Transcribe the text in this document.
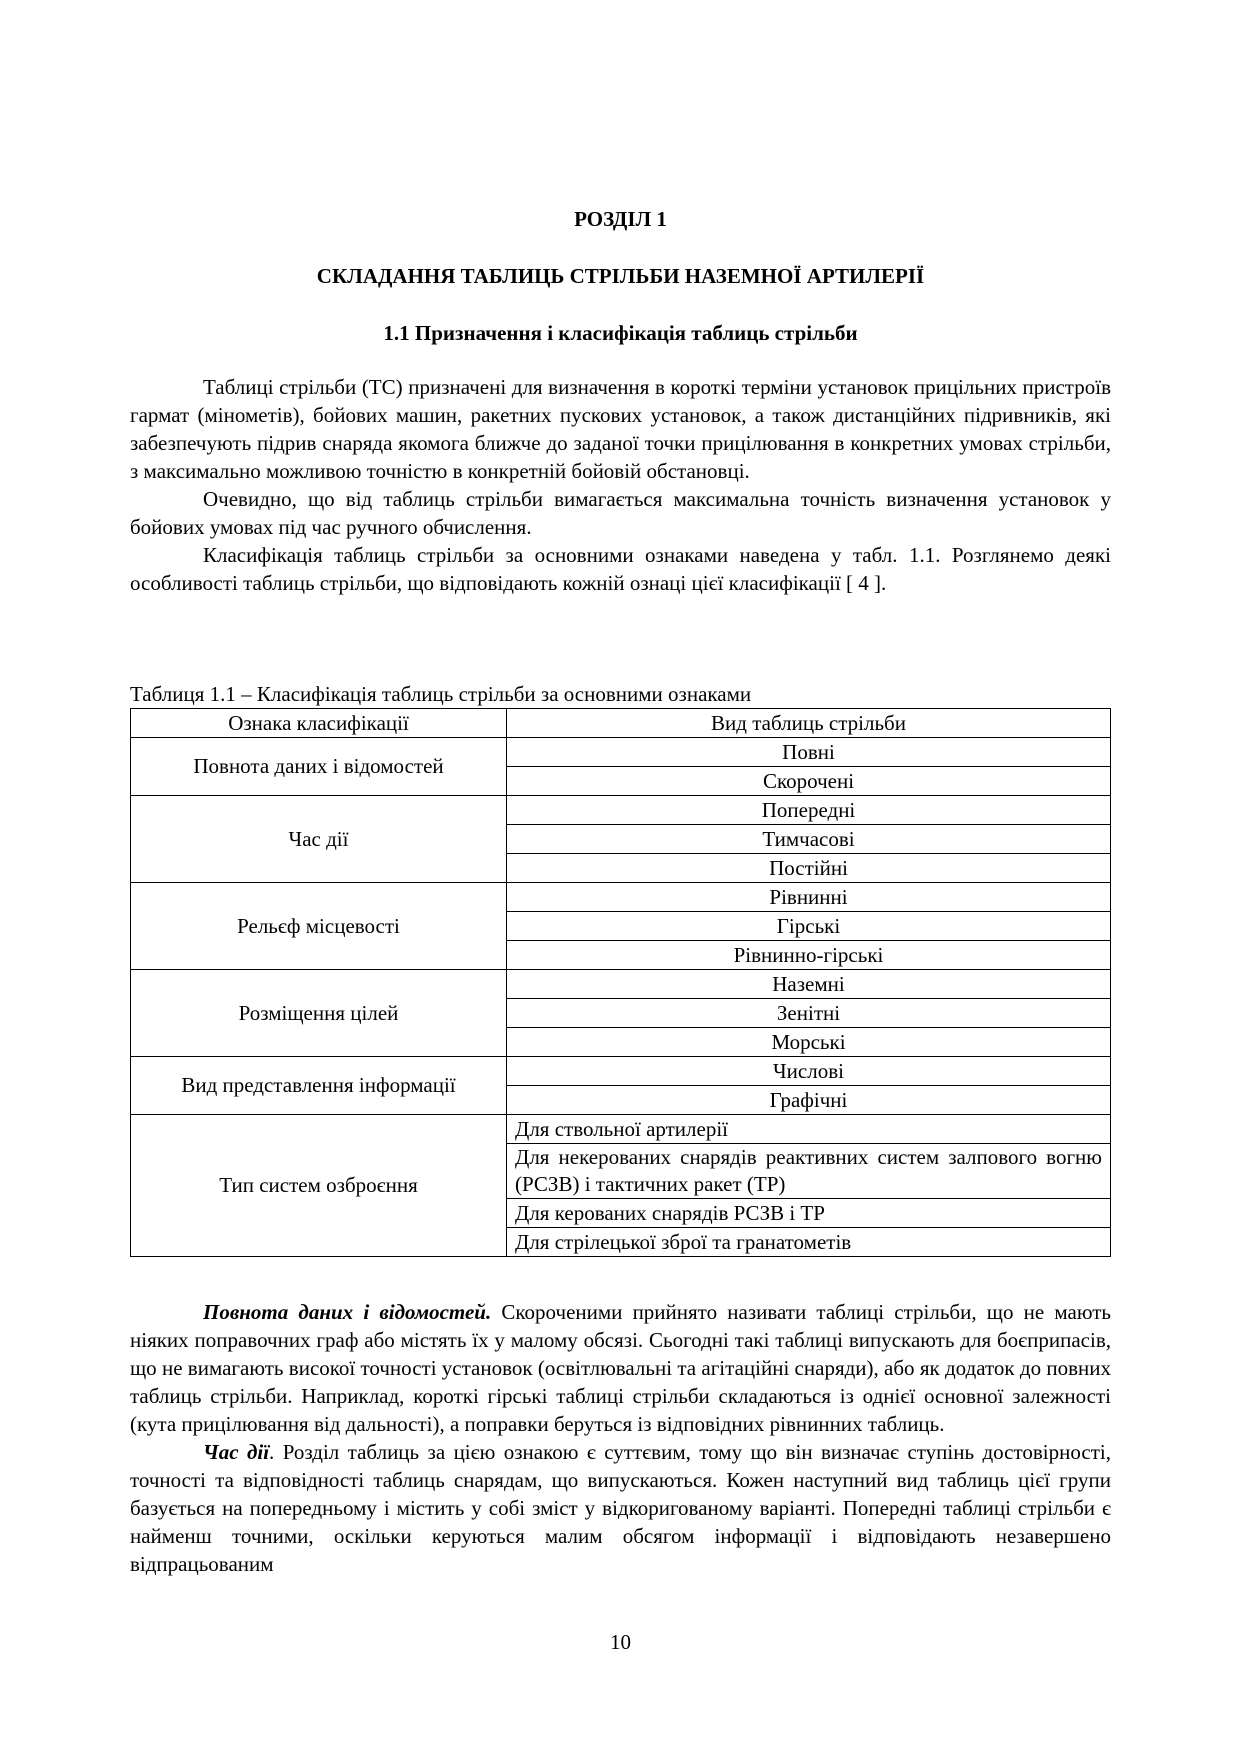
РОЗДІЛ 1
СКЛАДАННЯ ТАБЛИЦЬ СТРІЛЬБИ НАЗЕМНОЇ АРТИЛЕРІЇ
1.1 Призначення і класифікація таблиць стрільби

Таблиці стрільби (ТС) призначені для визначення в короткі терміни установок прицільних пристроїв гармат (мінометів), бойових машин, ракетних пускових установок, а також дистанційних підривників, які забезпечують підрив снаряда якомога ближче до заданої точки прицілювання в конкретних умовах стрільби, з максимально можливою точністю в конкретній бойовій обстановці.

Очевидно, що від таблиць стрільби вимагається максимальна точність визначення установок у бойових умовах під час ручного обчислення.

Класифікація таблиць стрільби за основними ознаками наведена у табл. 1.1. Розглянемо деякі особливості таблиць стрільби, що відповідають кожній ознаці цієї класифікації [ 4 ].

Таблиця 1.1 – Класифікація таблиць стрільби за основними ознаками
Ознака класифікації	Вид таблиць стрільби
Повнота даних і відомостей	Повні
	Скорочені
Час дії	Попередні
	Тимчасові
	Постійні
Рельєф місцевості	Рівнинні
	Гірські
	Рівнинно-гірські
Розміщення цілей	Наземні
	Зенітні
	Морські
Вид представлення інформації	Числові
	Графічні
Тип систем озброєння	Для ствольної артилерії
	Для некерованих снарядів реактивних систем залпового вогню (РСЗВ) і тактичних ракет (ТР)
	Для керованих снарядів РСЗВ і ТР
	Для стрілецької зброї та гранатометів

Повнота даних і відомостей. Скороченими прийнято називати таблиці стрільби, що не мають ніяких поправочних граф або містять їх у малому обсязі. Сьогодні такі таблиці випускають для боєприпасів, що не вимагають високої точності установок (освітлювальні та агітаційні снаряди), або як додаток до повних таблиць стрільби. Наприклад, короткі гірські таблиці стрільби складаються із однієї основної залежності (кута прицілювання від дальності), а поправки беруться із відповідних рівнинних таблиць.

Час дії. Розділ таблиць за цією ознакою є суттєвим, тому що він визначає ступінь достовірності, точності та відповідності таблиць снарядам, що випускаються. Кожен наступний вид таблиць цієї групи базується на попередньому і містить у собі зміст у відкоригованому варіанті. Попередні таблиці стрільби є найменш точними, оскільки керуються малим обсягом інформації і відповідають незавершено відпрацьованим

10
